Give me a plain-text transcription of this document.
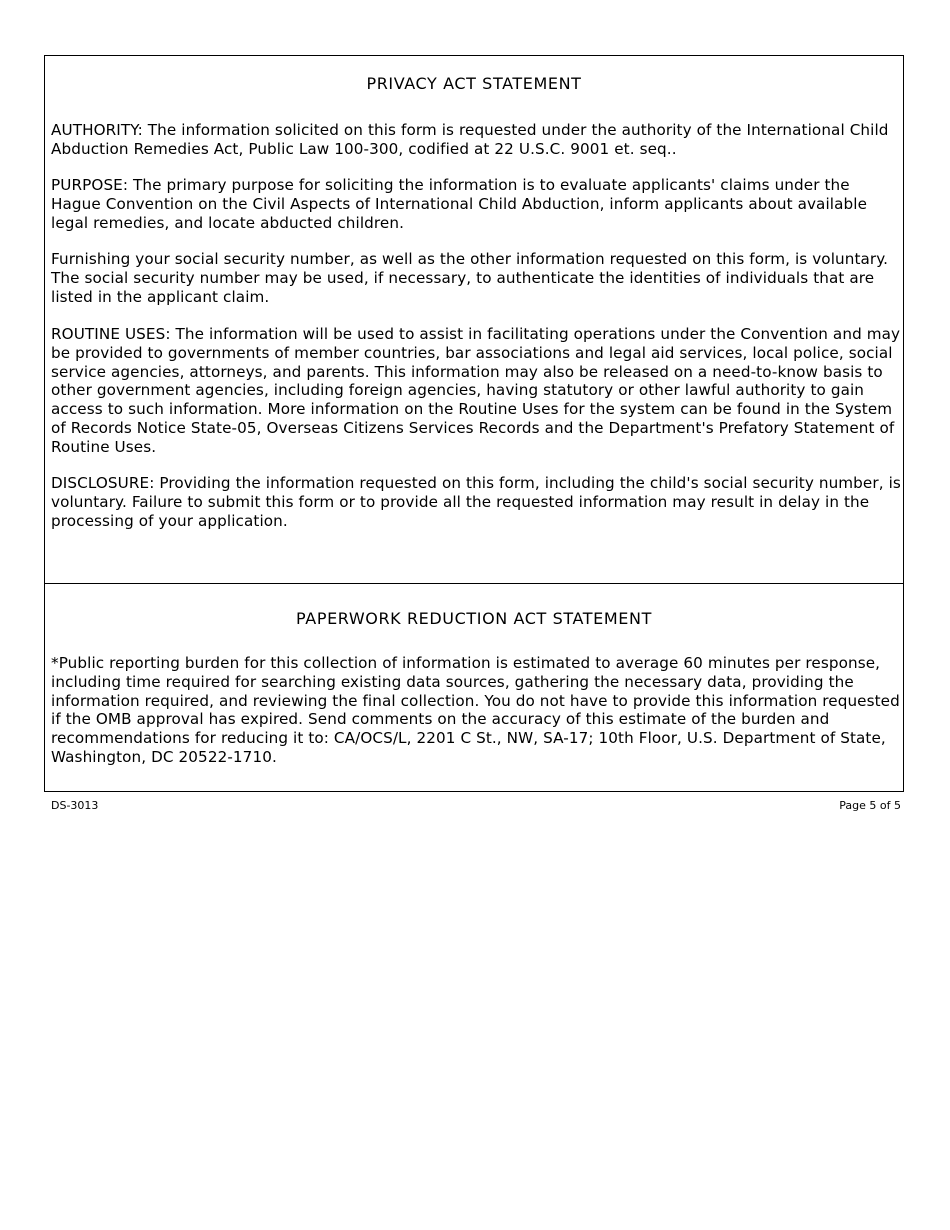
PRIVACY ACT STATEMENT

AUTHORITY: The information solicited on this form is requested under the authority of the International Child Abduction Remedies Act, Public Law 100-300, codified at 22 U.S.C. 9001 et. seq..

PURPOSE: The primary purpose for soliciting the information is to evaluate applicants' claims under the Hague Convention on the Civil Aspects of International Child Abduction, inform applicants about available legal remedies, and locate abducted children.

Furnishing your social security number, as well as the other information requested on this form, is voluntary. The social security number may be used, if necessary, to authenticate the identities of individuals that are listed in the applicant claim.

ROUTINE USES: The information will be used to assist in facilitating operations under the Convention and may be provided to governments of member countries, bar associations and legal aid services, local police, social service agencies, attorneys, and parents. This information may also be released on a need-to-know basis to other government agencies, including foreign agencies, having statutory or other lawful authority to gain access to such information. More information on the Routine Uses for the system can be found in the System of Records Notice State-05, Overseas Citizens Services Records and the Department's Prefatory Statement of Routine Uses.

DISCLOSURE: Providing the information requested on this form, including the child's social security number, is voluntary. Failure to submit this form or to provide all the requested information may result in delay in the processing of your application.

PAPERWORK REDUCTION ACT STATEMENT

*Public reporting burden for this collection of information is estimated to average 60 minutes per response, including time required for searching existing data sources, gathering the necessary data, providing the information required, and reviewing the final collection. You do not have to provide this information requested if the OMB approval has expired. Send comments on the accuracy of this estimate of the burden and recommendations for reducing it to: CA/OCS/L, 2201 C St., NW, SA-17; 10th Floor, U.S. Department of State, Washington, DC 20522-1710.

DS-3013	Page 5 of 5
